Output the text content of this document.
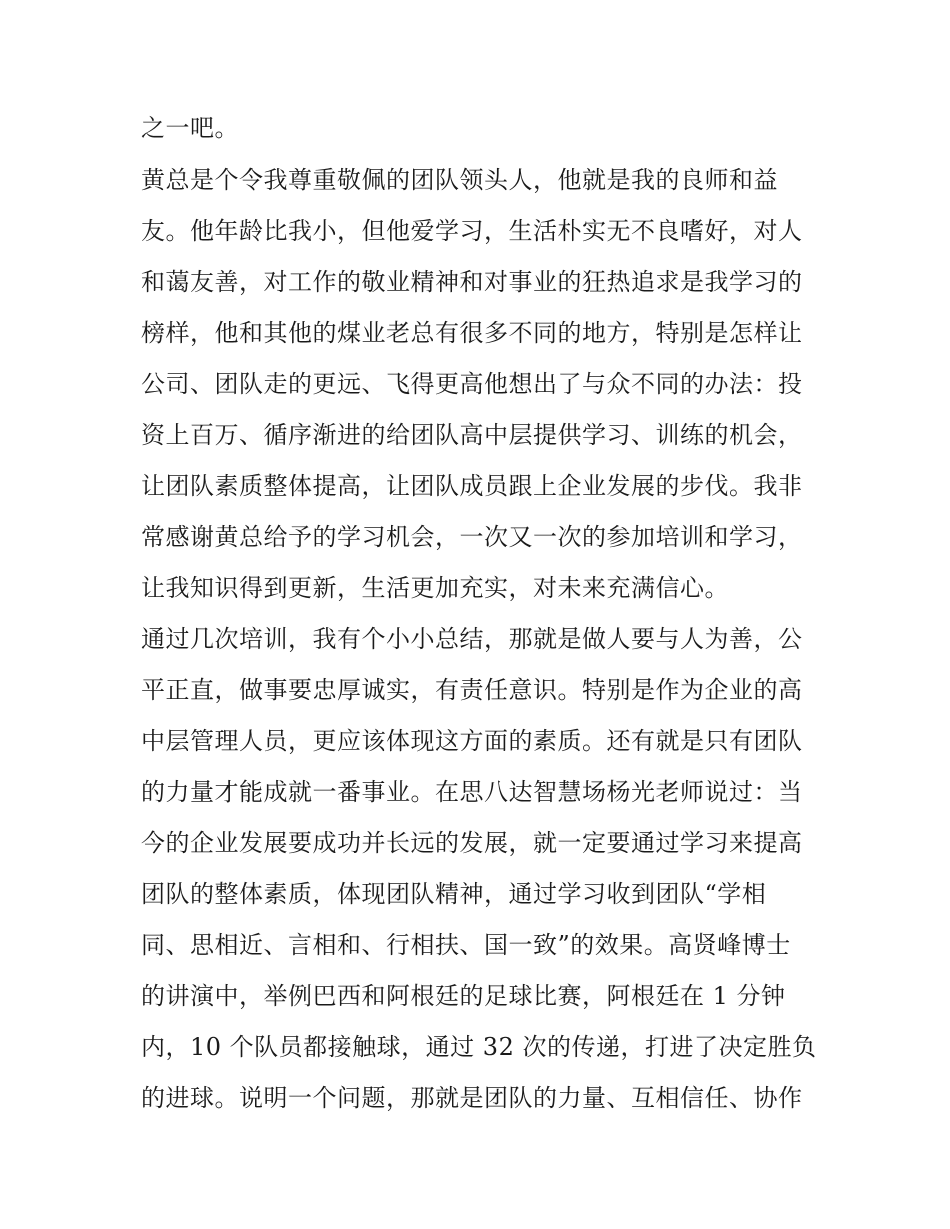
之一吧。
黄总是个令我尊重敬佩的团队领头人，他就是我的良师和益
友。他年龄比我小，但他爱学习，生活朴实无不良嗜好，对人
和蔼友善，对工作的敬业精神和对事业的狂热追求是我学习的
榜样，他和其他的煤业老总有很多不同的地方，特别是怎样让
公司、团队走的更远、飞得更高他想出了与众不同的办法：投
资上百万、循序渐进的给团队高中层提供学习、训练的机会，
让团队素质整体提高，让团队成员跟上企业发展的步伐。我非
常感谢黄总给予的学习机会，一次又一次的参加培训和学习，
让我知识得到更新，生活更加充实，对未来充满信心。
通过几次培训，我有个小小总结，那就是做人要与人为善，公
平正直，做事要忠厚诚实，有责任意识。特别是作为企业的高
中层管理人员，更应该体现这方面的素质。还有就是只有团队
的力量才能成就一番事业。在思八达智慧场杨光老师说过：当
今的企业发展要成功并长远的发展，就一定要通过学习来提高
团队的整体素质，体现团队精神，通过学习收到团队“学相
同、思相近、言相和、行相扶、国一致”的效果。高贤峰博士
的讲演中，举例巴西和阿根廷的足球比赛，阿根廷在 1 分钟
内，10 个队员都接触球，通过 32 次的传递，打进了决定胜负
的进球。说明一个问题，那就是团队的力量、互相信任、协作
